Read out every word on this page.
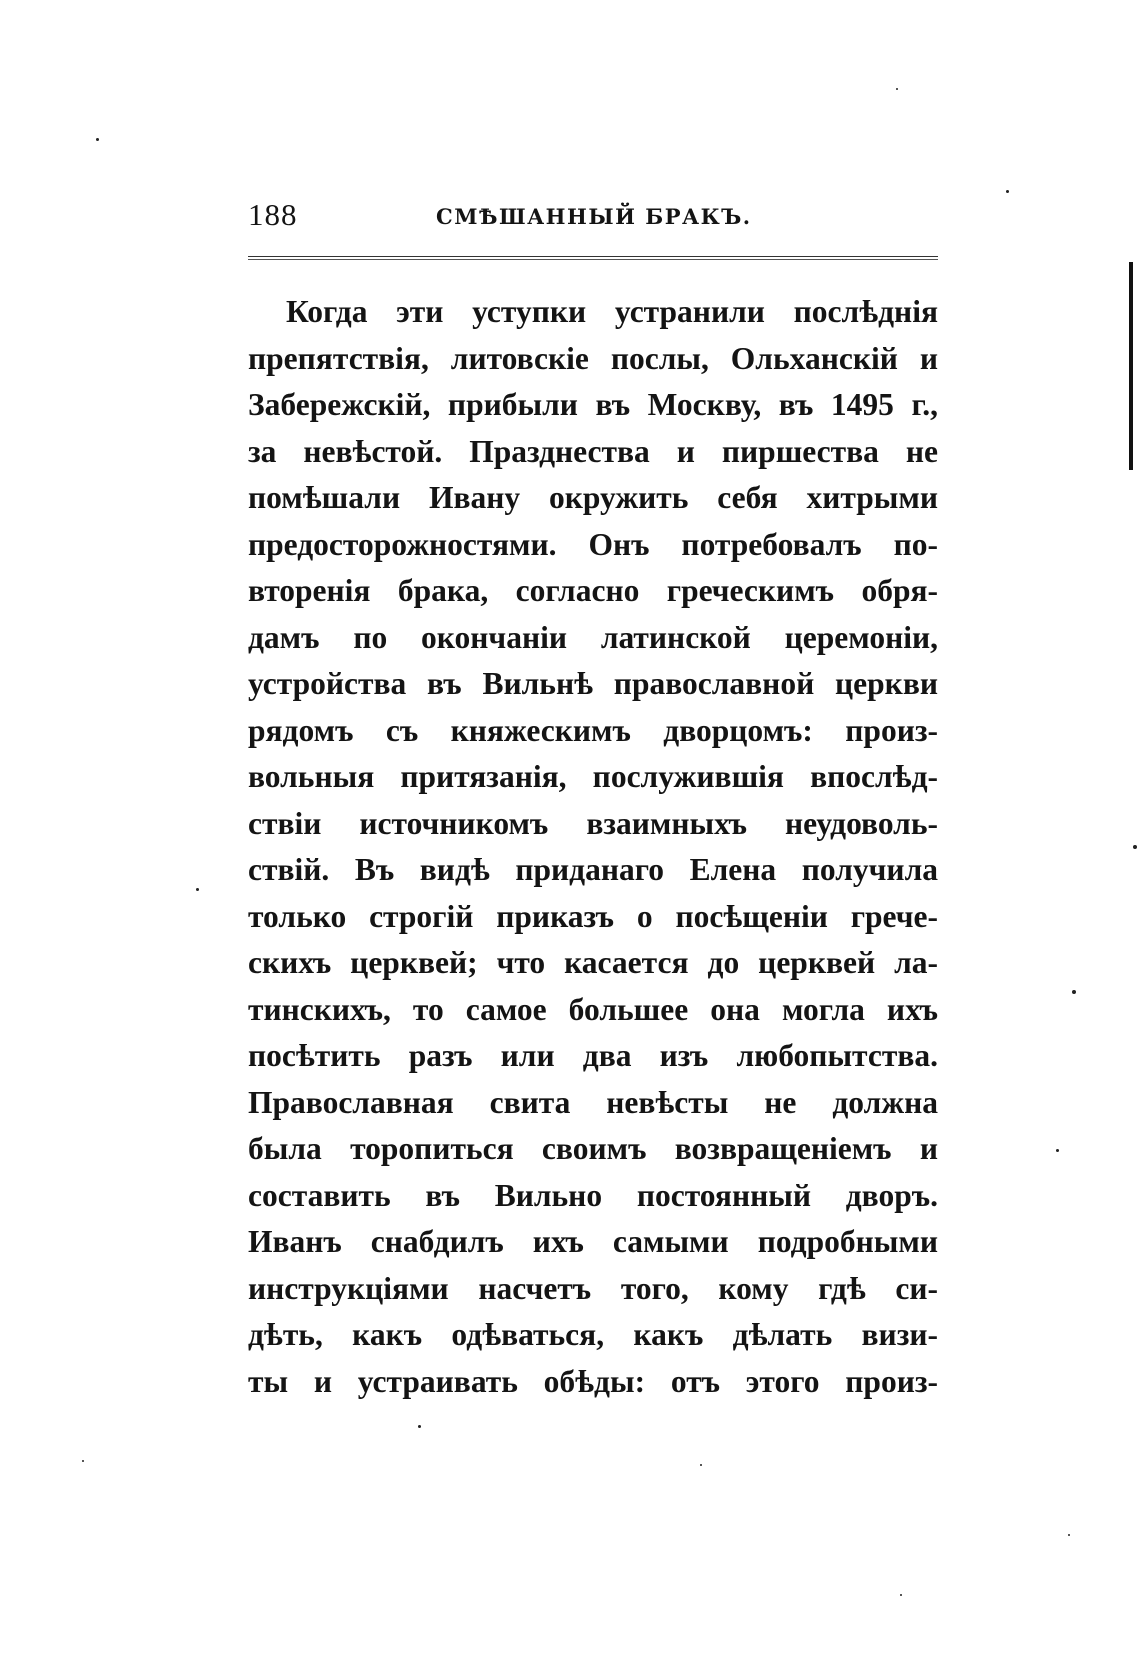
188	СМѢШАННЫЙ БРАКЪ.
Когда эти уступки устранили послѣднія
препятствія, литовскіе послы, Ольханскій и
Забережскій, прибыли въ Москву, въ 1495 г.,
за невѣстой. Празднества и пиршества не
помѣшали Ивану окружить себя хитрыми
предосторожностями. Онъ потребовалъ по-
вторенія брака, согласно греческимъ обря-
дамъ по окончаніи латинской церемоніи,
устройства въ Вильнѣ православной церкви
рядомъ съ княжескимъ дворцомъ: произ-
вольныя притязанія, послужившія впослѣд-
ствіи источникомъ взаимныхъ неудоволь-
ствій. Въ видѣ приданаго Елена получила
только строгій приказъ о посѣщеніи грече-
скихъ церквей; что касается до церквей ла-
тинскихъ, то самое большее она могла ихъ
посѣтить разъ или два изъ любопытства.
Православная свита невѣсты не должна
была торопиться своимъ возвращеніемъ и
составить въ Вильно постоянный дворъ.
Иванъ снабдилъ ихъ самыми подробными
инструкціями насчетъ того, кому гдѣ си-
дѣть, какъ одѣваться, какъ дѣлать визи-
ты и устраивать обѣды: отъ этого произ-
